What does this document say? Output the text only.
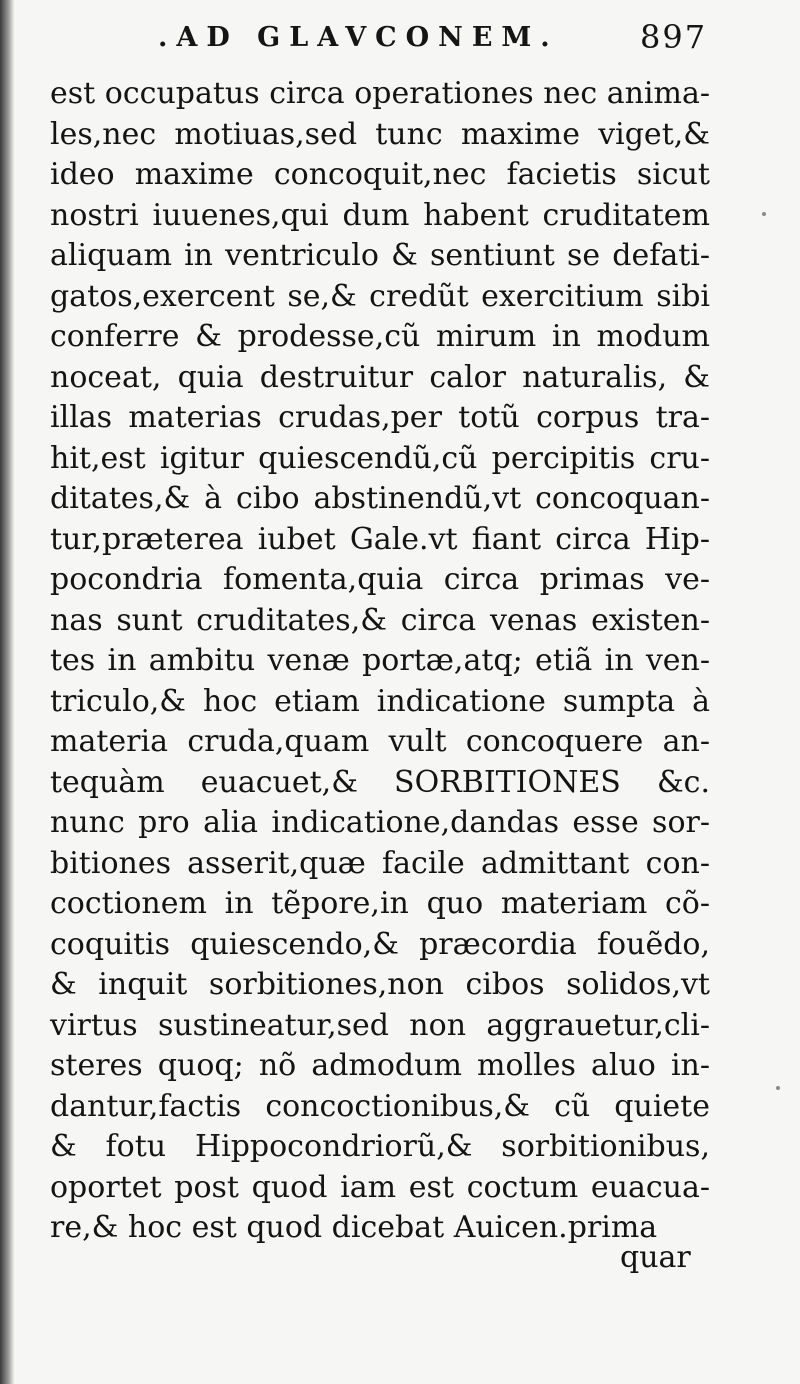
.AD GLAVCONEM.	897
est occupatus circa operationes nec anima-
les,nec motiuas,sed tunc maxime viget,&
ideo maxime concoquit,nec facietis sicut
nostri iuuenes,qui dum habent cruditatem
aliquam in ventriculo & sentiunt se defati-
gatos,exercent se,& credũt exercitium sibi
conferre & prodesse,cũ mirum in modum
noceat, quia destruitur calor naturalis, &
illas materias crudas,per totũ corpus tra-
hit,est igitur quiescendũ,cũ percipitis cru-
ditates,& à cibo abstinendũ,vt concoquan-
tur,prӕterea iubet Gale.vt fiant circa Hip-
pocondria fomenta,quia circa primas ve-
nas sunt cruditates,& circa venas existen-
tes in ambitu venӕ portӕ,atq; etiã in ven-
triculo,& hoc etiam indicatione sumpta à
materia cruda,quam vult concoquere an-
tequàm euacuet,& SORBITIONES &c.
nunc pro alia indicatione,dandas esse sor-
bitiones asserit,quӕ facile admittant con-
coctionem in tẽpore,in quo materiam cõ-
coquitis quiescendo,& prӕcordia fouẽdo,
& inquit sorbitiones,non cibos solidos,vt
virtus sustineatur,sed non aggrauetur,cli-
steres quoq; nõ admodum molles aluo in-
dantur,factis concoctionibus,& cũ quiete
& fotu Hippocondriorũ,& sorbitionibus,
oportet post quod iam est coctum euacua-
re,& hoc est quod dicebat Auicen.prima
quar
